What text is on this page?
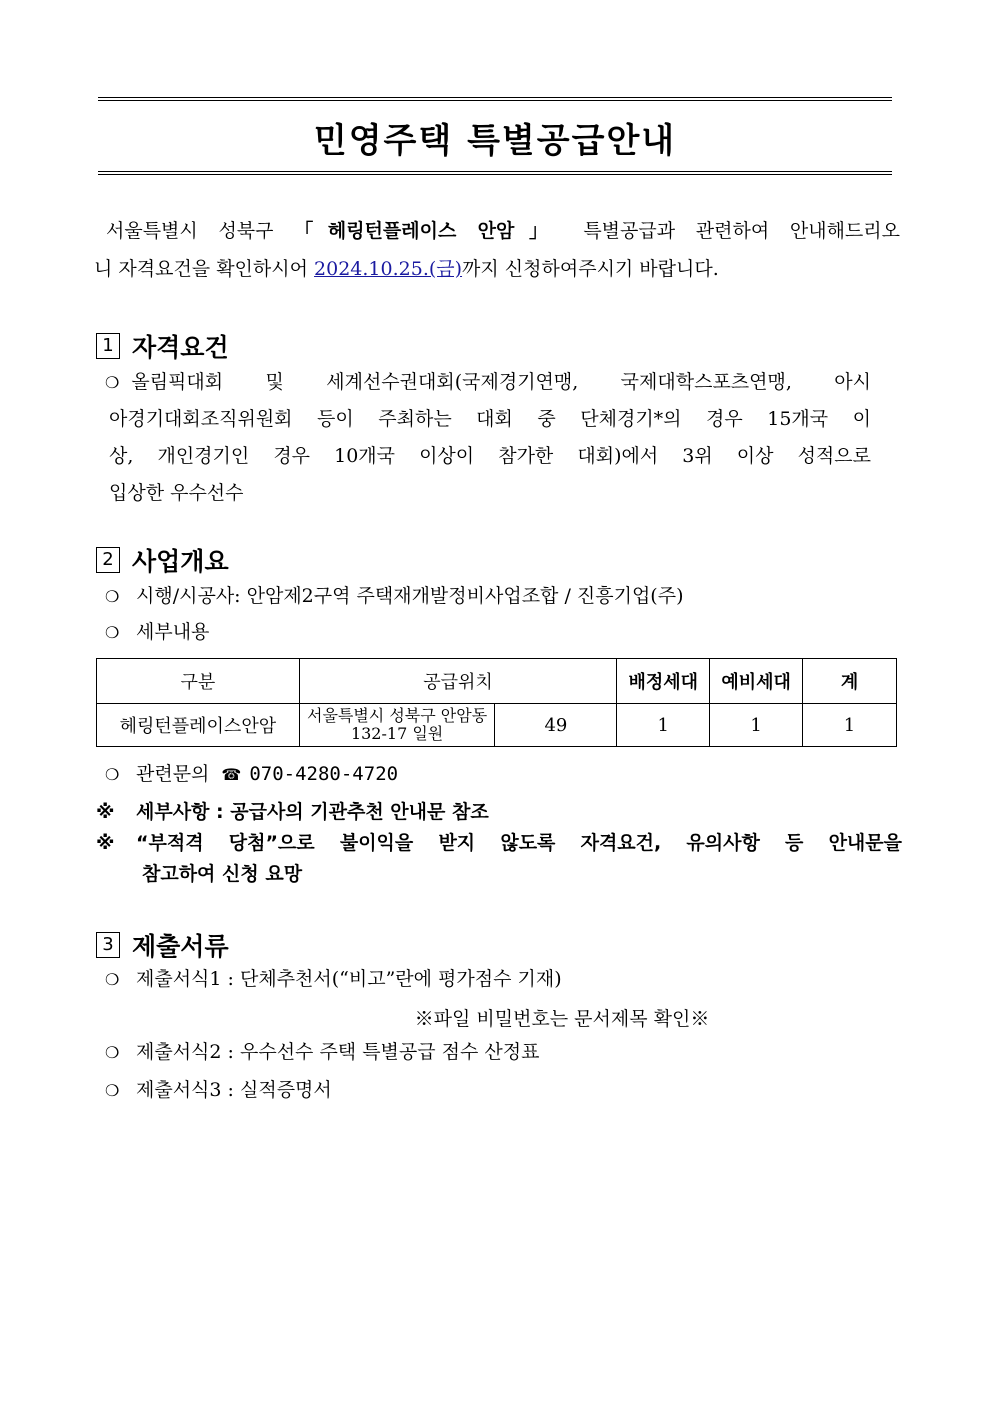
민영주택 특별공급안내

서울특별시 성북구 「헤링턴플레이스 안암」 특별공급과 관련하여 안내해드리오

니 자격요건을 확인하시어 2024.10.25.(금)까지 신청하여주시기 바랍니다.

1 자격요건

❍ 올림픽대회 및 세계선수권대회(국제경기연맹, 국제대학스포츠연맹, 아시

아경기대회조직위원회 등이 주최하는 대회 중 단체경기*의 경우 15개국 이

상, 개인경기인 경우 10개국 이상이 참가한 대회)에서 3위 이상 성적으로

입상한 우수선수

2 사업개요
❍ 시행/시공사: 안암제2구역 주택재개발정비사업조합 / 진흥기업(주)
❍ 세부내용
구분	공급위치		배정세대	예비세대	계
헤링턴플레이스안암	서울특별시 성북구 안암동
132-17 일원	49	1	1	1
❍ 관련문의 ☎ 070-4280-4720
※	세부사항 : 공급사의 기관추천 안내문 참조
※	“부적격 당첨”으로 불이익을 받지 않도록 자격요건, 유의사항 등 안내문을
참고하여 신청 요망
3 제출서류
❍ 제출서식1 : 단체추천서(“비고”란에 평가점수 기재)
※파일 비밀번호는 문서제목 확인※
❍ 제출서식2 : 우수선수 주택 특별공급 점수 산정표
❍ 제출서식3 : 실적증명서
